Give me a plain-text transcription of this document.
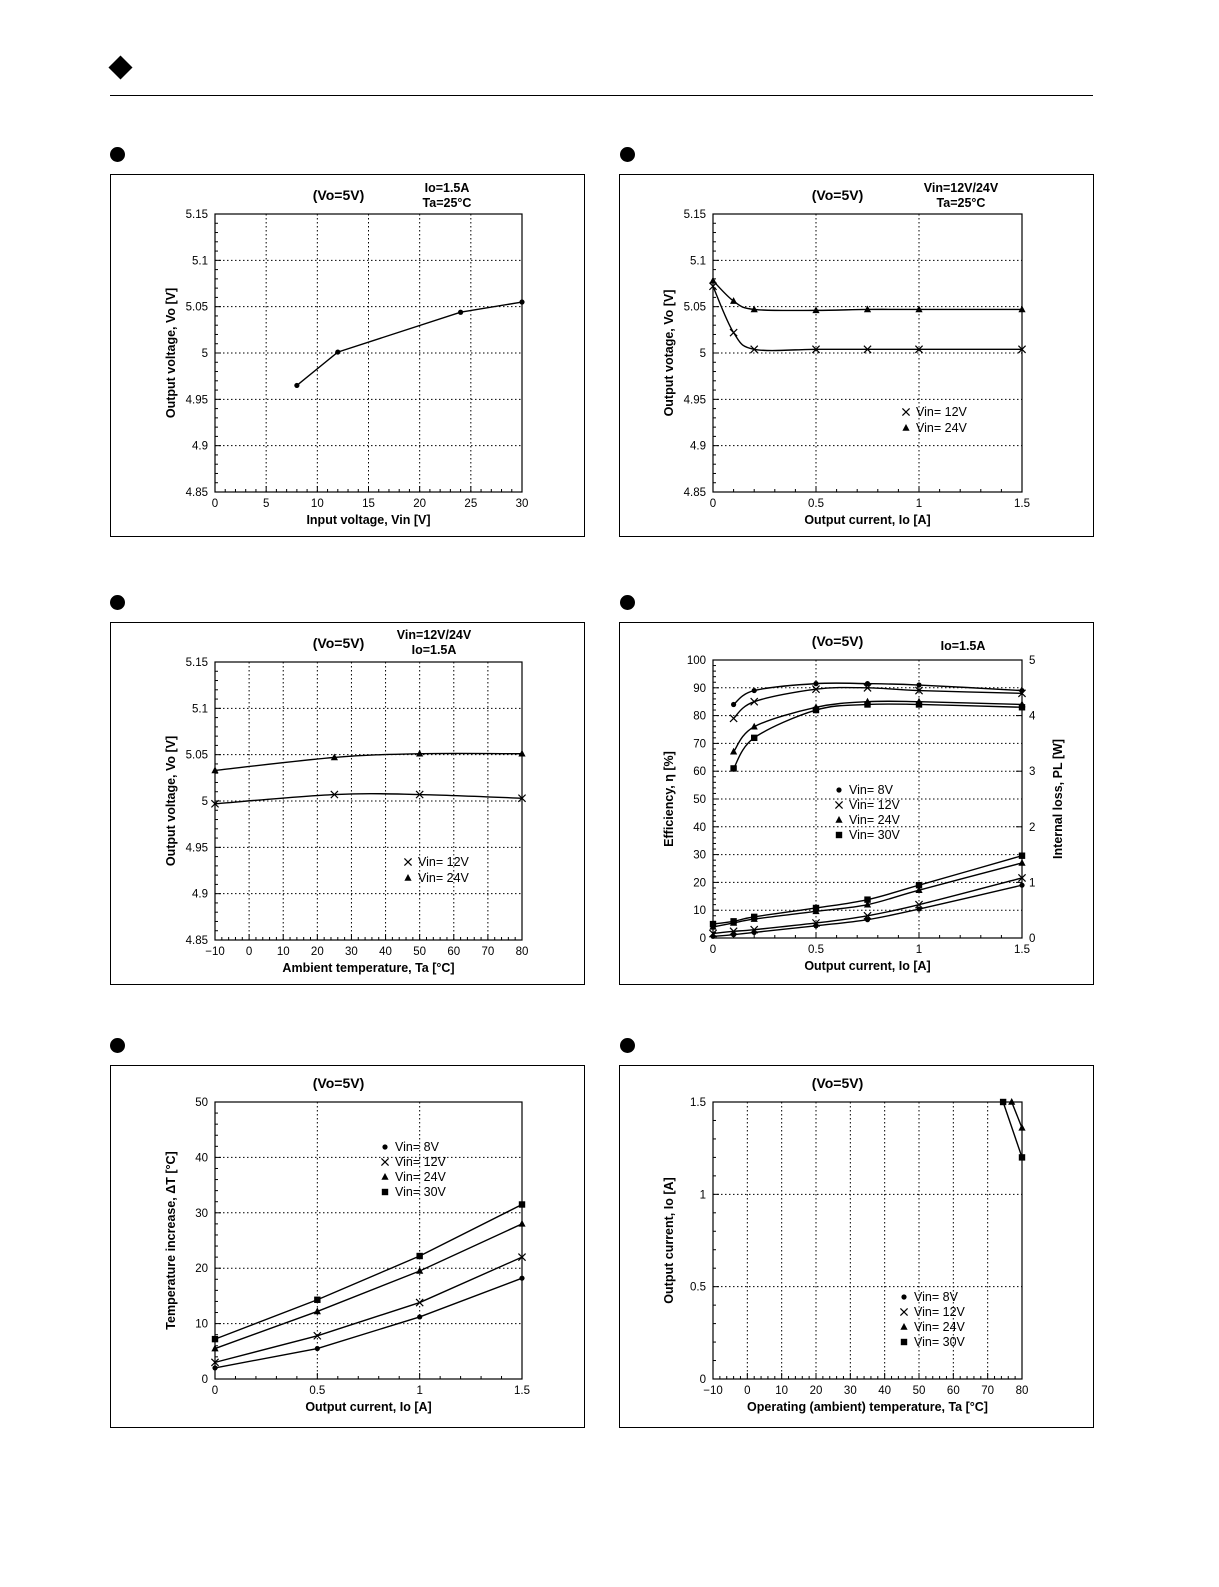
0	5	10	15	20	25	30
4.85
4.9
4.95
5
5.05
5.1
5.15
(Vo=5V)	Io=1.5A
Ta=25°C
Input voltage, Vin [V]
Output voltage, Vo [V]
0	0.5	1	1.5
4.85
4.9
4.95
5
5.05
5.1
5.15
(Vo=5V)	Vin=12V/24V
Ta=25°C
Output current, Io [A]
Output votage, Vo [V]	Vin= 12V
Vin= 24V
−10 0 10 20 30 40 50 60 70 80
4.85
4.9
4.95
5
5.05
5.1
5.15
(Vo=5V)	Vin=12V/24V
Io=1.5A
Ambient temperature, Ta [°C]
Output voltage, Vo [V]	Vin= 12V
Vin= 24V
0	0.5	1	1.5
0
10
20
30
40
50
60
70
80
90
100
0
1
2
3
4
5
(Vo=5V)	Io=1.5A
Output current, Io [A]
Efficiency, η [%]	Internal loss, PL [W]
Vin= 8V
Vin= 12V
Vin= 24V
Vin= 30V
0	0.5	1	1.5
0
10
20
30
40
50
(Vo=5V)
Output current, Io [A]
Temperature increase, ΔT [°C]
Vin= 8V
Vin= 12V
Vin= 24V
Vin= 30V
−10 0 10 20 30 40 50 60 70 80
0
0.5
1
1.5
(Vo=5V)
Operating (ambient) temperature, Ta [°C]
Output current, Io [A]	Vin= 8V
Vin= 12V
Vin= 24V
Vin= 30V
